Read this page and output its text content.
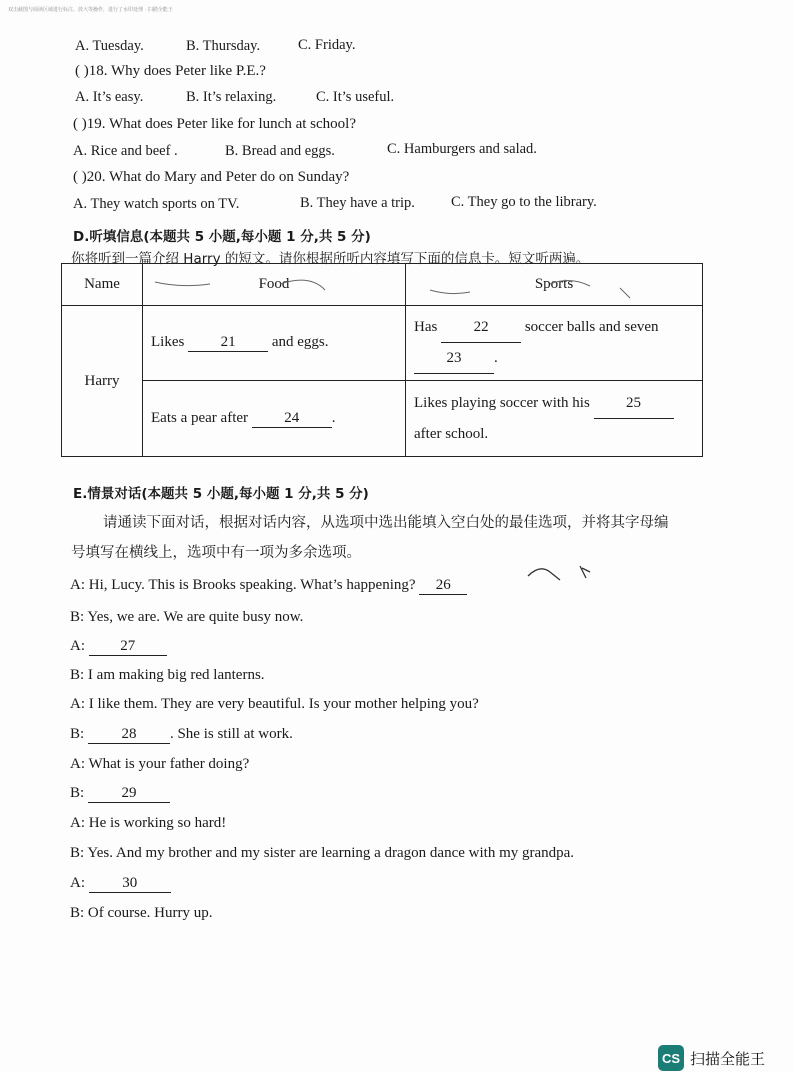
双击截图与阅读区域进行标注、放大等操作，进行了水印处理 · 扫描全能王
A. Tuesday.	B. Thursday.	C. Friday.
( )18. Why does Peter like P.E.?
A. It’s easy.	B. It’s relaxing.	C. It’s useful.
( )19. What does Peter like for lunch at school?
A. Rice and beef .	B. Bread and eggs.	C. Hamburgers and salad.
( )20. What do Mary and Peter do on Sunday?
A. They watch sports on TV.	B. They have a trip. C. They go to the library.
D.听填信息(本题共 5 小题,每小题 1 分,共 5 分)
你将听到一篇介绍 Harry 的短文。请你根据所听内容填写下面的信息卡。短文听两遍。
Name	Food	Sports
Harry	Likes 21 and eggs.	Has 22 soccer balls and seven
23 .
	Eats a pear after 24 .	Likes playing soccer with his 25
after school.
E.情景对话(本题共 5 小题,每小题 1 分,共 5 分)
请通读下面对话，根据对话内容，从选项中选出能填入空白处的最佳选项，并将其字母编
号填写在横线上，选项中有一项为多余选项。
A: Hi, Lucy. This is Brooks speaking. What’s happening? 26
B: Yes, we are. We are quite busy now.
A: 27
B: I am making big red lanterns.
A: I like them. They are very beautiful. Is your mother helping you?
B: 28 . She is still at work.
A: What is your father doing?
B: 29
A: He is working so hard!
B: Yes. And my brother and my sister are learning a dragon dance with my grandpa.
A: 30
B: Of course. Hurry up.
CS 扫描全能王
